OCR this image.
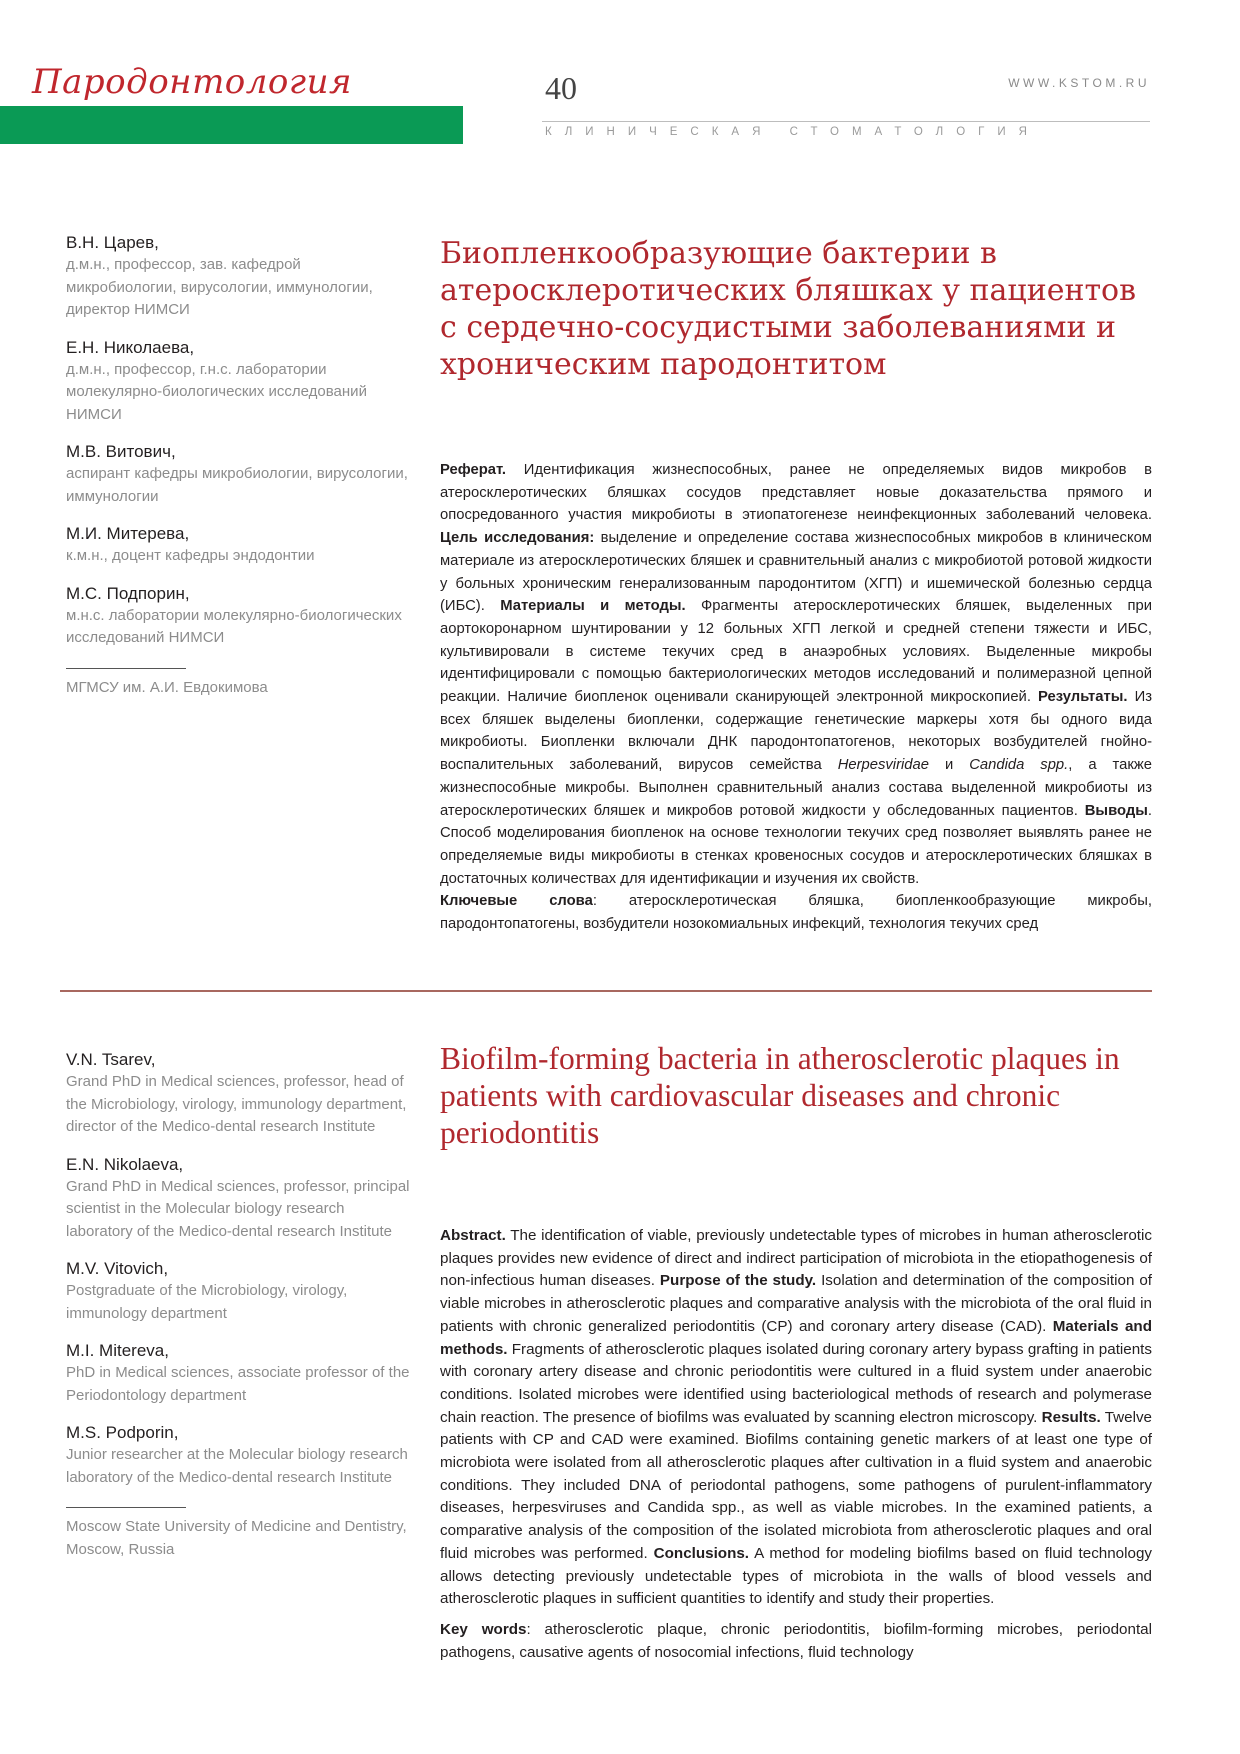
Пародонтология	40	WWW.KSTOM.RU
КЛИНИЧЕСКАЯ СТОМАТОЛОГИЯ
В.Н. Царев,
д.м.н., профессор, зав. кафедрой микробиологии, вирусологии, иммунологии, директор НИМСИ
Е.Н. Николаева,
д.м.н., профессор, г.н.с. лаборатории молекулярно-биологических исследований НИМСИ
М.В. Витович,
аспирант кафедры микробиологии, вирусологии, иммунологии
М.И. Митерева,
к.м.н., доцент кафедры эндодонтии
М.С. Подпорин,
м.н.с. лаборатории молекулярно-биологических исследований НИМСИ
МГМСУ им. А.И. Евдокимова
Биопленкообразующие бактерии в атеросклеротических бляшках у пациентов с сердечно-сосудистыми заболеваниями и хроническим пародонтитом
Реферат. Идентификация жизнеспособных, ранее не определяемых видов микробов в атеросклеротических бляшках сосудов представляет новые доказательства прямого и опосредованного участия микробиоты в этиопатогенезе неинфекционных заболеваний человека. Цель исследования: выделение и определение состава жизнеспособных микробов в клиническом материале из атеросклеротических бляшек и сравнительный анализ с микробиотой ротовой жидкости у больных хроническим генерализованным пародонтитом (ХГП) и ишемической болезнью сердца (ИБС). Материалы и методы. Фрагменты атеросклеротических бляшек, выделенных при аортокоронарном шунтировании у 12 больных ХГП легкой и средней степени тяжести и ИБС, культивировали в системе текучих сред в анаэробных условиях. Выделенные микробы идентифицировали с помощью бактериологических методов исследований и полимеразной цепной реакции. Наличие биопленок оценивали сканирующей электронной микроскопией. Результаты. Из всех бляшек выделены биопленки, содержащие генетические маркеры хотя бы одного вида микробиоты. Биопленки включали ДНК пародонтопатогенов, некоторых возбудителей гнойно-воспалительных заболеваний, вирусов семейства Herpesviridae и Candida spp., а также жизнеспособные микробы. Выполнен сравнительный анализ состава выделенной микробиоты из атеросклеротических бляшек и микробов ротовой жидкости у обследованных пациентов. Выводы. Способ моделирования биопленок на основе технологии текучих сред позволяет выявлять ранее не определяемые виды микробиоты в стенках кровеносных сосудов и атеросклеротических бляшках в достаточных количествах для идентификации и изучения их свойств.
Ключевые слова: атеросклеротическая бляшка, биопленкообразующие микробы, пародонтопатогены, возбудители нозокомиальных инфекций, технология текучих сред
V.N. Tsarev,
Grand PhD in Medical sciences, professor, head of the Microbiology, virology, immunology department, director of the Medico-dental research Institute
E.N. Nikolaeva,
Grand PhD in Medical sciences, professor, principal scientist in the Molecular biology research laboratory of the Medico-dental research Institute
M.V. Vitovich,
Postgraduate of the Microbiology, virology, immunology department
M.I. Mitereva,
PhD in Medical sciences, associate professor of the Periodontology department
M.S. Podporin,
Junior researcher at the Molecular biology research laboratory of the Medico-dental research Institute
Moscow State University of Medicine and Dentistry, Moscow, Russia
Biofilm-forming bacteria in atherosclerotic plaques in patients with cardiovascular diseases and chronic periodontitis
Abstract. The identification of viable, previously undetectable types of microbes in human atherosclerotic plaques provides new evidence of direct and indirect participation of microbiota in the etiopathogenesis of non-infectious human diseases. Purpose of the study. Isolation and determination of the composition of viable microbes in atherosclerotic plaques and comparative analysis with the microbiota of the oral fluid in patients with chronic generalized periodontitis (CP) and coronary artery disease (CAD). Materials and methods. Fragments of atherosclerotic plaques isolated during coronary artery bypass grafting in patients with coronary artery disease and chronic periodontitis were cultured in a fluid system under anaerobic conditions. Isolated microbes were identified using bacteriological methods of research and polymerase chain reaction. The presence of biofilms was evaluated by scanning electron microscopy. Results. Twelve patients with CP and CAD were examined. Biofilms containing genetic markers of at least one type of microbiota were isolated from all atherosclerotic plaques after cultivation in a fluid system and anaerobic conditions. They included DNA of periodontal pathogens, some pathogens of purulent-inflammatory diseases, herpesviruses and Candida spp., as well as viable microbes. In the examined patients, a comparative analysis of the composition of the isolated microbiota from atherosclerotic plaques and oral fluid microbes was performed. Conclusions. A method for modeling biofilms based on fluid technology allows detecting previously undetectable types of microbiota in the walls of blood vessels and atherosclerotic plaques in sufficient quantities to identify and study their properties.
Key words: atherosclerotic plaque, chronic periodontitis, biofilm-forming microbes, periodontal pathogens, causative agents of nosocomial infections, fluid technology
